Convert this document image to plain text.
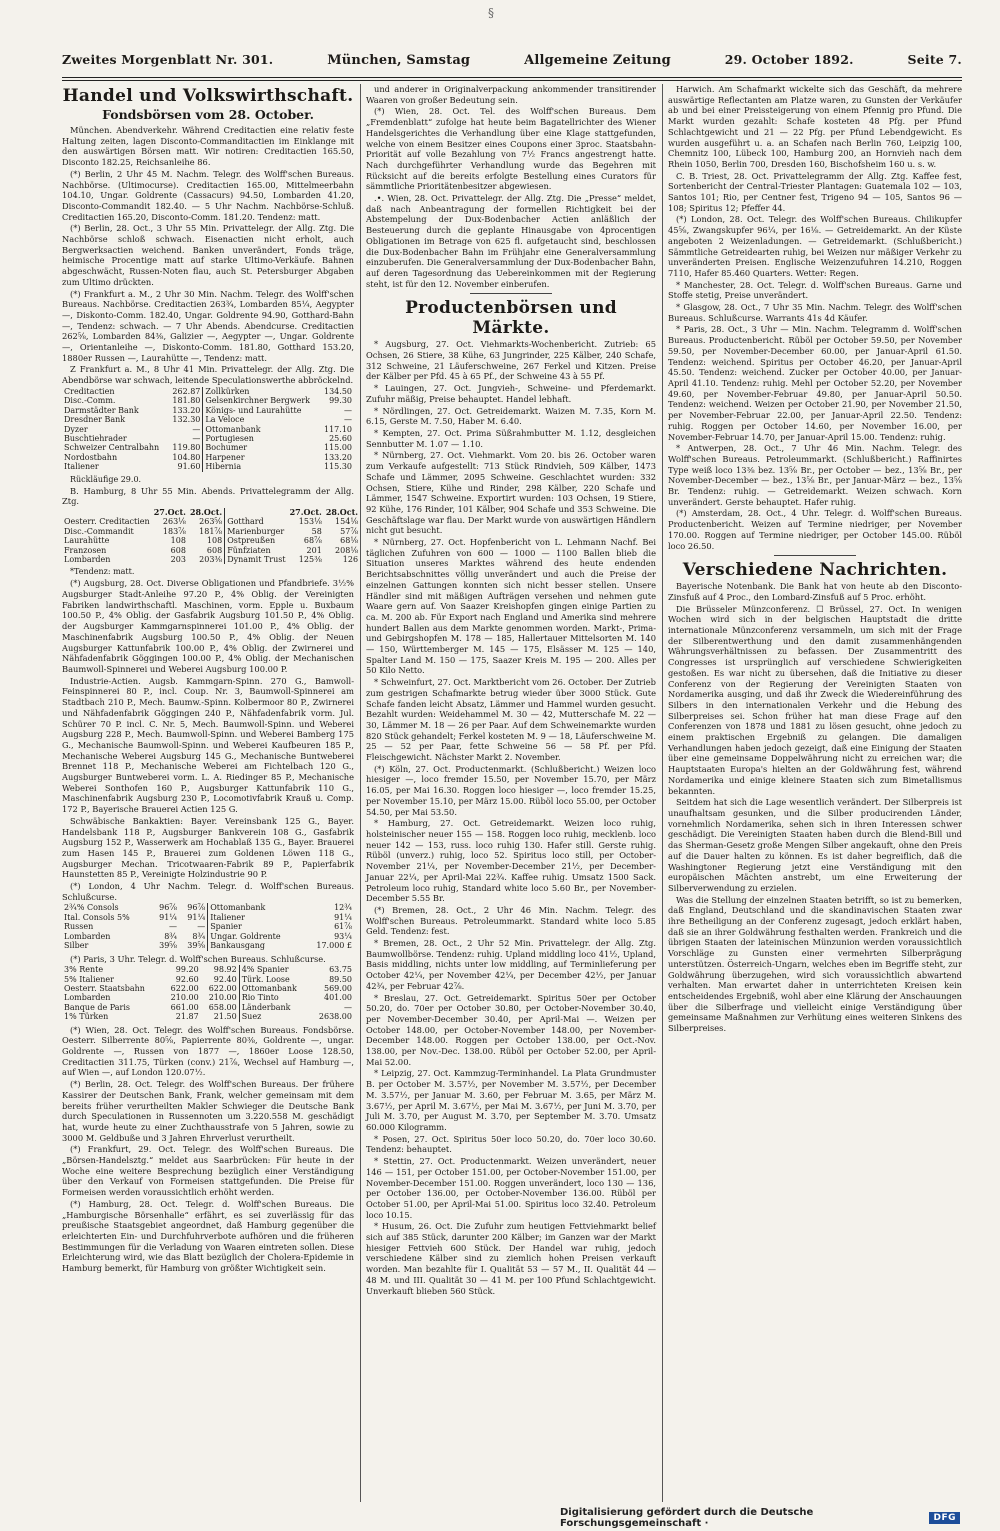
§
Zweites Morgenblatt Nr. 301.	München, Samstag	Allgemeine Zeitung	29. October 1892.	Seite 7.
Handel und Volkswirthschaft.
Fondsbörsen vom 28. October.

München. Abendverkehr. Während Creditactien eine relativ feste Haltung zeiten, lagen Disconto-Commanditactien im Einklange mit den auswärtigen Börsen matt. Wir notiren: Creditactien 165.50, Disconto 182.25, Reichsanleihe 86.

(*) Berlin, 2 Uhr 45 M. Nachm. Telegr. des Wolff'schen Bureaus. Nachbörse. (Ultimocurse). Creditactien 165.00, Mittelmeerbahn 104.10, Ungar. Goldrente (Cassacurs) 94.50, Lombarden 41.20, Disconto-Commandit 182.40. — 5 Uhr Nachm. Nachbörse-Schluß. Creditactien 165.20, Disconto-Comm. 181.20. Tendenz: matt.

(*) Berlin, 28. Oct., 3 Uhr 55 Min. Privattelegr. der Allg. Ztg. Die Nachbörse schloß schwach. Eisenactien nicht erholt, auch Bergwerksactien weichend. Banken unverändert, Fonds träge, heimische Procentige matt auf starke Ultimo-Verkäufe. Bahnen abgeschwächt, Russen-Noten flau, auch St. Petersburger Abgaben zum Ultimo drückten.

(*) Frankfurt a. M., 2 Uhr 30 Min. Nachm. Telegr. des Wolff'schen Bureaus. Nachbörse. Creditactien 263¾, Lombarden 85¼, Aegypter —, Diskonto-Comm. 182.40, Ungar. Goldrente 94.90, Gotthard-Bahn —, Tendenz: schwach. — 7 Uhr Abends. Abendcurse. Creditactien 262⅝, Lombarden 84⅜, Galizier —, Aegypter —, Ungar. Goldrente —, Orientanleihe —, Diskonto-Comm. 181.80, Gotthard 153.20, 1880er Russen —, Laurahütte —, Tendenz: matt.

Z Frankfurt a. M., 8 Uhr 41 Min. Privattelegr. der Allg. Ztg. Die Abendbörse war schwach, leitende Speculationswerthe abbröckelnd.

Creditactien	262.87	Zollkürken	134.50
Disc.-Comm.	181.80	Gelsenkirchner Bergwerk	99.30
Darmstädter Bank	133.20	Königs- und Laurahütte	—
Dresdner Bank	132.30	La Veloce	—
Dyzer	—	Ottomanbank	117.10
Buschtiehrader	—	Portugiesen	25.60
Schweizer Centralbahn	119.80	Bochumer	115.00
Nordostbahn	104.80	Harpener	133.20
Italiener	91.60	Hibernia	115.30
Rückläufige 29.0.

B. Hamburg, 8 Uhr 55 Min. Abends. Privattelegramm der Allg. Ztg.

	27.Oct.	28.Oct.		27.Oct.	28.Oct.
Oesterr. Creditactien	263⅛	263⅝	Gotthard	153⅛	154⅛
Disc.-Commandit	183⅞	181⅞	Marienburger	58	57⅞
Laurahütte	108	108	Ostpreußen	68⅞	68⅛
Franzosen	608	608	Fünfziaten	201	208⅛
Lombarden	203	203⅜	Dynamit Trust	125⅜	126
*Tendenz: matt.

(*) Augsburg, 28. Oct. Diverse Obligationen und Pfandbriefe. 3½% Augsburger Stadt-Anleihe 97.20 P., 4% Oblig. der Vereinigten Fabriken landwirthschaftl. Maschinen, vorm. Epple u. Buxbaum 100.50 P., 4% Oblig. der Gasfabrik Augsburg 101.50 P., 4% Oblig. der Augsburger Kammgarnspinnerei 101.00 P., 4% Oblig. der Maschinenfabrik Augsburg 100.50 P., 4% Oblig. der Neuen Augsburger Kattunfabrik 100.00 P., 4% Oblig. der Zwirnerei und Nähfadenfabrik Göggingen 100.00 P., 4% Oblig. der Mechanischen Baumwoll-Spinnerei und Weberei Augsburg 100.00 P.

Industrie-Actien. Augsb. Kammgarn-Spinn. 270 G., Bamwoll-Feinspinnerei 80 P., incl. Coup. Nr. 3, Baumwoll-Spinnerei am Stadtbach 210 P., Mech. Baumw.-Spinn. Kolbermoor 80 P., Zwirnerei und Nähfadenfabrik Göggingen 240 P., Nähfadenfabrik vorm. Jul. Schürer 70 P. incl. C. Nr. 5, Mech. Baumwoll-Spinn. und Weberei Augsburg 228 P., Mech. Baumwoll-Spinn. und Weberei Bamberg 175 G., Mechanische Baumwoll-Spinn. und Weberei Kaufbeuren 185 P., Mechanische Weberei Augsburg 145 G., Mechanische Buntweberei Brennet 118 P., Mechanische Weberei am Fichtelbach 120 G., Augsburger Buntweberei vorm. L. A. Riedinger 85 P., Mechanische Weberei Sonthofen 160 P., Augsburger Kattunfabrik 110 G., Maschinenfabrik Augsburg 230 P., Locomotivfabrik Krauß u. Comp. 172 P., Bayerische Brauerei Actien 125 G.

Schwäbische Bankaktien: Bayer. Vereinsbank 125 G., Bayer. Handelsbank 118 P., Augsburger Bankverein 108 G., Gasfabrik Augsburg 152 P., Wasserwerk am Hochablaß 135 G., Bayer. Brauerei zum Hasen 145 P., Brauerei zum Goldenen Löwen 118 G., Augsburger Mechan. Tricotwaaren-Fabrik 89 P., Papierfabrik Haunstetten 85 P., Vereinigte Holzindustrie 90 P.

(*) London, 4 Uhr Nachm. Telegr. d. Wolff'schen Bureaus. Schlußcurse.

2¾% Consols	96⅞	96⅞	Ottomanbank	12¾
Ital. Consols 5%	91¼	91¼	Italiener	91¼
Russen	—	—	Spanier	61⅞
Lombarden	8¾	8¾	Ungar. Goldrente	93¼
Silber	39⅝	39⅝	Bankausgang	17.000 £

(*) Paris, 3 Uhr. Telegr. d. Wolff'schen Bureaus. Schlußcurse.

3% Rente	99.20	98.92	4% Spanier	63.75
5% Italiener	92.60	92.40	Türk. Loose	89.50
Oesterr. Staatsbahn	622.00	622.00	Ottomanbank	569.00
Lombarden	210.00	210.00	Rio Tinto	401.00
Banque de Paris	661.00	658.00	Länderbank	—
1% Türken	21.87	21.50	Suez	2638.00

(*) Wien, 28. Oct. Telegr. des Wolff'schen Bureaus. Fondsbörse. Oesterr. Silberrente 80⅝, Papierrente 80⅜, Goldrente —, ungar. Goldrente —, Russen von 1877 —, 1860er Loose 128.50, Creditactien 311.75, Türken (conv.) 21⅞, Wechsel auf Hamburg —, auf Wien —, auf London 120.07½.

(*) Berlin, 28. Oct. Telegr. des Wolff'schen Bureaus. Der frühere Kassirer der Deutschen Bank, Frank, welcher gemeinsam mit dem bereits früher verurtheilten Makler Schwieger die Deutsche Bank durch Speculationen in Russennoten um 3.220.558 M. geschädigt hat, wurde heute zu einer Zuchthausstrafe von 5 Jahren, sowie zu 3000 M. Geldbuße und 3 Jahren Ehrverlust verurtheilt.

(*) Frankfurt, 29. Oct. Telegr. des Wolff'schen Bureaus. Die „Börsen-Handelsztg.“ meldet aus Saarbrücken: Für heute in der Woche eine weitere Besprechung bezüglich einer Verständigung über den Verkauf von Formeisen stattgefunden. Die Preise für Formeisen werden voraussichtlich erhöht werden.

(*) Hamburg, 28. Oct. Telegr. d. Wolff'schen Bureaus. Die „Hamburgische Börsenhalle“ erfährt, es sei zuverlässig für das preußische Staatsgebiet angeordnet, daß Hamburg gegenüber die erleichterten Ein- und Durchfuhrverbote aufhören und die früheren Bestimmungen für die Verladung von Waaren eintreten sollen. Diese Erleichterung wird, wie das Blatt bezüglich der Cholera-Epidemie in Hamburg bemerkt, für Hamburg von größter Wichtigkeit sein.

und anderer in Originalverpackung ankommender transitirender Waaren von großer Bedeutung sein.

(*) Wien, 28. Oct. Tel. des Wolff'schen Bureaus. Dem „Fremdenblatt“ zufolge hat heute beim Bagatellrichter des Wiener Handelsgerichtes die Verhandlung über eine Klage stattgefunden, welche von einem Besitzer eines Coupons einer 3proc. Staatsbahn-Priorität auf volle Bezahlung von 7½ Francs angestrengt hatte. Nach durchgeführter Verhandlung wurde das Begehren mit Rücksicht auf die bereits erfolgte Bestellung eines Curators für sämmtliche Prioritätenbesitzer abgewiesen.

.•. Wien, 28. Oct. Privattelegr. der Allg. Ztg. Die „Presse“ meldet, daß nach Anbeantragung der formellen Richtigkeit bei der Abstempelung der Dux-Bodenbacher Actien anläßlich der Besteuerung durch die geplante Hinausgabe von 4procentigen Obligationen im Betrage von 625 fl. aufgetaucht sind, beschlossen die Dux-Bodenbacher Bahn im Frühjahr eine Generalversammlung einzuberufen. Die Generalversammlung der Dux-Bodenbacher Bahn, auf deren Tagesordnung das Uebereinkommen mit der Regierung steht, ist für den 12. November einberufen.

Productenbörsen und Märkte.

* Augsburg, 27. Oct. Viehmarkts-Wochenbericht. Zutrieb: 65 Ochsen, 26 Stiere, 38 Kühe, 63 Jungrinder, 225 Kälber, 240 Schafe, 312 Schweine, 21 Läuferschweine, 267 Ferkel und Kitzen. Preise der Kälber per Pfd. 45 à 65 Pf., der Schweine 43 à 55 Pf.

* Lauingen, 27. Oct. Jungvieh-, Schweine- und Pferdemarkt. Zufuhr mäßig, Preise behauptet. Handel lebhaft.

* Nördlingen, 27. Oct. Getreidemarkt. Waizen M. 7.35, Korn M. 6.15, Gerste M. 7.50, Haber M. 6.40.

* Kempten, 27. Oct. Prima Süßrahmbutter M. 1.12, desgleichen Sennbutter M. 1.07 — 1.10.

* Nürnberg, 27. Oct. Viehmarkt. Vom 20. bis 26. October waren zum Verkaufe aufgestellt: 713 Stück Rindvieh, 509 Kälber, 1473 Schafe und Lämmer, 2095 Schweine. Geschlachtet wurden: 332 Ochsen, Stiere, Kühe und Rinder, 298 Kälber, 220 Schafe und Lämmer, 1547 Schweine. Exportirt wurden: 103 Ochsen, 19 Stiere, 92 Kühe, 176 Rinder, 101 Kälber, 904 Schafe und 353 Schweine. Die Geschäftslage war flau. Der Markt wurde von auswärtigen Händlern nicht gut besucht.

* Nürnberg, 27. Oct. Hopfenbericht von L. Lehmann Nachf. Bei täglichen Zufuhren von 600 — 1000 — 1100 Ballen blieb die Situation unseres Marktes während des heute endenden Berichtsabschnittes völlig unverändert und auch die Preise der einzelnen Gattungen konnten sich nicht besser stellen. Unsere Händler sind mit mäßigen Aufträgen versehen und nehmen gute Waare gern auf. Von Saazer Kreishopfen gingen einige Partien zu ca. M. 200 ab. Für Export nach England und Amerika sind mehrere hundert Ballen aus dem Markte genommen worden. Markt-, Prima- und Gebirgshopfen M. 178 — 185, Hallertauer Mittelsorten M. 140 — 150, Württemberger M. 145 — 175, Elsässer M. 125 — 140, Spalter Land M. 150 — 175, Saazer Kreis M. 195 — 200. Alles per 50 Kilo Netto.

* Schweinfurt, 27. Oct. Marktbericht vom 26. October. Der Zutrieb zum gestrigen Schafmarkte betrug wieder über 3000 Stück. Gute Schafe fanden leicht Absatz, Lämmer und Hammel wurden gesucht. Bezahlt wurden: Weidehammel M. 30 — 42, Mutterschafe M. 22 — 30, Lämmer M. 18 — 26 per Paar. Auf dem Schweinemarkte wurden 820 Stück gehandelt; Ferkel kosteten M. 9 — 18, Läuferschweine M. 25 — 52 per Paar, fette Schweine 56 — 58 Pf. per Pfd. Fleischgewicht. Nächster Markt 2. November.

(*) Köln, 27. Oct. Productenmarkt. (Schlußbericht.) Weizen loco hiesiger —, loco fremder 15.50, per November 15.70, per März 16.05, per Mai 16.30. Roggen loco hiesiger —, loco fremder 15.25, per November 15.10, per März 15.00. Rüböl loco 55.00, per October 54.50, per Mai 53.50.

* Hamburg, 27. Oct. Getreidemarkt. Weizen loco ruhig, holsteinischer neuer 155 — 158. Roggen loco ruhig, mecklenb. loco neuer 142 — 153, russ. loco ruhig 130. Hafer still. Gerste ruhig. Rüböl (unverz.) ruhig, loco 52. Spiritus loco still, per October-November 21¼, per November-December 21½, per December-Januar 22¼, per April-Mai 22¾. Kaffee ruhig. Umsatz 1500 Sack. Petroleum loco ruhig, Standard white loco 5.60 Br., per November-December 5.55 Br.

(*) Bremen, 28. Oct., 2 Uhr 46 Min. Nachm. Telegr. des Wolff'schen Bureaus. Petroleummarkt. Standard white loco 5.85 Geld. Tendenz: fest.

* Bremen, 28. Oct., 2 Uhr 52 Min. Privattelegr. der Allg. Ztg. Baumwollbörse. Tendenz: ruhig. Upland middling loco 41½, Upland, Basis middling, nichts unter low middling, auf Terminlieferung per October 42¼, per November 42¼, per December 42½, per Januar 42¾, per Februar 42⅞.

* Breslau, 27. Oct. Getreidemarkt. Spiritus 50er per October 50.20, do. 70er per October 30.80, per October-November 30.40, per November-December 30.40, per April-Mai —. Weizen per October 148.00, per October-November 148.00, per November-December 148.00. Roggen per October 138.00, per Oct.-Nov. 138.00, per Nov.-Dec. 138.00. Rüböl per October 52.00, per April-Mai 52.00.

* Leipzig, 27. Oct. Kammzug-Terminhandel. La Plata Grundmuster B. per October M. 3.57½, per November M. 3.57½, per December M. 3.57½, per Januar M. 3.60, per Februar M. 3.65, per März M. 3.67½, per April M. 3.67½, per Mai M. 3.67½, per Juni M. 3.70, per Juli M. 3.70, per August M. 3.70, per September M. 3.70. Umsatz 60.000 Kilogramm.

* Posen, 27. Oct. Spiritus 50er loco 50.20, do. 70er loco 30.60. Tendenz: behauptet.

* Stettin, 27. Oct. Productenmarkt. Weizen unverändert, neuer 146 — 151, per October 151.00, per October-November 151.00, per November-December 151.00. Roggen unverändert, loco 130 — 136, per October 136.00, per October-November 136.00. Rüböl per October 51.00, per April-Mai 51.00. Spiritus loco 32.40. Petroleum loco 10.15.

* Husum, 26. Oct. Die Zufuhr zum heutigen Fettviehmarkt belief sich auf 385 Stück, darunter 200 Kälber; im Ganzen war der Markt hiesiger Fettvieh 600 Stück. Der Handel war ruhig, jedoch verschiedene Kälber sind zu ziemlich hohen Preisen verkauft worden. Man bezahlte für I. Qualität 53 — 57 M., II. Qualität 44 — 48 M. und III. Qualität 30 — 41 M. per 100 Pfund Schlachtgewicht. Unverkauft blieben 560 Stück.

Harwich. Am Schafmarkt wickelte sich das Geschäft, da mehrere auswärtige Reflectanten am Platze waren, zu Gunsten der Verkäufer ab und bei einer Preissteigerung von einem Pfennig pro Pfund. Die Markt wurden gezahlt: Schafe kosteten 48 Pfg. per Pfund Schlachtgewicht und 21 — 22 Pfg. per Pfund Lebendgewicht. Es wurden ausgeführt u. a. an Schafen nach Berlin 760, Leipzig 100, Chemnitz 100, Lübeck 100, Hamburg 200, an Hornvieh nach dem Rhein 1050, Berlin 700, Dresden 160, Bischofsheim 160 u. s. w.

C. B. Triest, 28. Oct. Privattelegramm der Allg. Ztg. Kaffee fest, Sortenbericht der Central-Triester Plantagen: Guatemala 102 — 103, Santos 101; Rio, per Centner fest, Trigeno 94 — 105, Santos 96 — 108; Spiritus 12; Pfeffer 44.

(*) London, 28. Oct. Telegr. des Wolff'schen Bureaus. Chilikupfer 45⅝, Zwangskupfer 96¼, per 16⅛. — Getreidemarkt. An der Küste angeboten 2 Weizenladungen. — Getreidemarkt. (Schlußbericht.) Sämmtliche Getreidearten ruhig, bei Weizen nur mäßiger Verkehr zu unveränderten Preisen. Englische Weizenzufuhren 14.210, Roggen 7110, Hafer 85.460 Quarters. Wetter: Regen.

* Manchester, 28. Oct. Telegr. d. Wolff'schen Bureaus. Garne und Stoffe stetig, Preise unverändert.

* Glasgow, 28. Oct., 7 Uhr 35 Min. Nachm. Telegr. des Wolff'schen Bureaus. Schlußcurse. Warrants 41s 4d Käufer.

* Paris, 28. Oct., 3 Uhr — Min. Nachm. Telegramm d. Wolff'schen Bureaus. Productenbericht. Rüböl per October 59.50, per November 59.50, per November-December 60.00, per Januar-April 61.50. Tendenz: weichend. Spiritus per October 46.20, per Januar-April 45.50. Tendenz: weichend. Zucker per October 40.00, per Januar-April 41.10. Tendenz: ruhig. Mehl per October 52.20, per November 49.60, per November-Februar 49.80, per Januar-April 50.50. Tendenz: weichend. Weizen per October 21.90, per November 21.50, per November-Februar 22.00, per Januar-April 22.50. Tendenz: ruhig. Roggen per October 14.60, per November 16.00, per November-Februar 14.70, per Januar-April 15.00. Tendenz: ruhig.

* Antwerpen, 28. Oct., 7 Uhr 46 Min. Nachm. Telegr. des Wolff'schen Bureaus. Petroleummarkt. (Schlußbericht.) Raffinirtes Type weiß loco 13⅜ bez. 13⅝ Br., per October — bez., 13⅝ Br., per November-December — bez., 13⅝ Br., per Januar-März — bez., 13⅝ Br. Tendenz: ruhig. — Getreidemarkt. Weizen schwach. Korn unverändert. Gerste behauptet. Hafer ruhig.

(*) Amsterdam, 28. Oct., 4 Uhr. Telegr. d. Wolff'schen Bureaus. Productenbericht. Weizen auf Termine niedriger, per November 170.00. Roggen auf Termine niedriger, per October 145.00. Rüböl loco 26.50.

Verschiedene Nachrichten.

Bayerische Notenbank. Die Bank hat von heute ab den Disconto-Zinsfuß auf 4 Proc., den Lombard-Zinsfuß auf 5 Proc. erhöht.

Die Brüsseler Münzconferenz. ☐ Brüssel, 27. Oct. In wenigen Wochen wird sich in der belgischen Hauptstadt die dritte internationale Münzconferenz versammeln, um sich mit der Frage der Silberentwerthung und den damit zusammenhängenden Währungsverhältnissen zu befassen. Der Zusammentritt des Congresses ist ursprünglich auf verschiedene Schwierigkeiten gestoßen. Es war nicht zu übersehen, daß die Initiative zu dieser Conferenz von der Regierung der Vereinigten Staaten von Nordamerika ausging, und daß ihr Zweck die Wiedereinführung des Silbers in den internationalen Verkehr und die Hebung des Silberpreises sei. Schon früher hat man diese Frage auf den Conferenzen von 1878 und 1881 zu lösen gesucht, ohne jedoch zu einem praktischen Ergebniß zu gelangen. Die damaligen Verhandlungen haben jedoch gezeigt, daß eine Einigung der Staaten über eine gemeinsame Doppelwährung nicht zu erreichen war; die Hauptstaaten Europa's hielten an der Goldwährung fest, während Nordamerika und einige kleinere Staaten sich zum Bimetallismus bekannten.

Seitdem hat sich die Lage wesentlich verändert. Der Silberpreis ist unaufhaltsam gesunken, und die Silber producirenden Länder, vornehmlich Nordamerika, sehen sich in ihren Interessen schwer geschädigt. Die Vereinigten Staaten haben durch die Blend-Bill und das Sherman-Gesetz große Mengen Silber angekauft, ohne den Preis auf die Dauer halten zu können. Es ist daher begreiflich, daß die Washingtoner Regierung jetzt eine Verständigung mit den europäischen Mächten anstrebt, um eine Erweiterung der Silberverwendung zu erzielen.

Was die Stellung der einzelnen Staaten betrifft, so ist zu bemerken, daß England, Deutschland und die skandinavischen Staaten zwar ihre Betheiligung an der Conferenz zugesagt, jedoch erklärt haben, daß sie an ihrer Goldwährung festhalten werden. Frankreich und die übrigen Staaten der lateinischen Münzunion werden voraussichtlich Vorschläge zu Gunsten einer vermehrten Silberprägung unterstützen. Österreich-Ungarn, welches eben im Begriffe steht, zur Goldwährung überzugehen, wird sich voraussichtlich abwartend verhalten. Man erwartet daher in unterrichteten Kreisen kein entscheidendes Ergebniß, wohl aber eine Klärung der Anschauungen über die Silberfrage und vielleicht einige Verständigung über gemeinsame Maßnahmen zur Verhütung eines weiteren Sinkens des Silberpreises.

Digitalisierung gefördert durch die Deutsche Forschungsgemeinschaft ·	DFG
